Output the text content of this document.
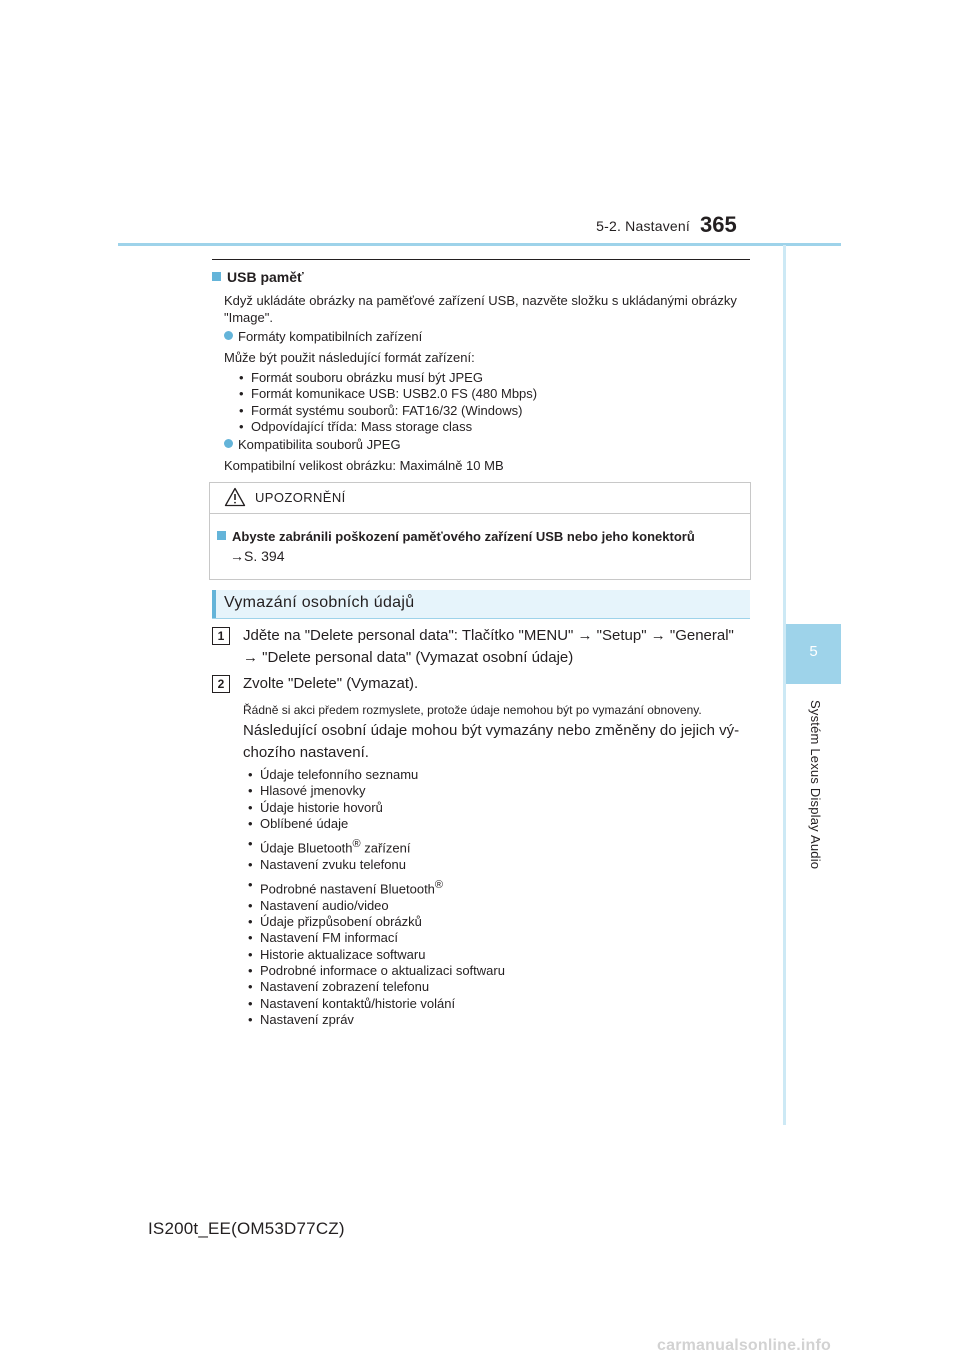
5-2. Nastavení 365
5
Systém Lexus Display Audio
USB paměť
Když ukládáte obrázky na paměťové zařízení USB, nazvěte složku s ukládanými obrázky "Image".
Formáty kompatibilních zařízení
Může být použit následující formát zařízení:
• Formát souboru obrázku musí být JPEG
• Formát komunikace USB: USB2.0 FS (480 Mbps)
• Formát systému souborů: FAT16/32 (Windows)
• Odpovídající třída: Mass storage class
Kompatibilita souborů JPEG
Kompatibilní velikost obrázku: Maximálně 10 MB
UPOZORNĚNÍ
Abyste zabránili poškození paměťového zařízení USB nebo jeho konektorů
→S. 394
Vymazání osobních údajů
1	Jděte na "Delete personal data": Tlačítko "MENU" → "Setup" → "General"
→ "Delete personal data" (Vymazat osobní údaje)
2	Zvolte "Delete" (Vymazat).
Řádně si akci předem rozmyslete, protože údaje nemohou být po vymazání obnoveny.
Následující osobní údaje mohou být vymazány nebo změněny do jejich vý-
chozího nastavení.
• Údaje telefonního seznamu
• Hlasové jmenovky
• Údaje historie hovorů
• Oblíbené údaje
• Údaje Bluetooth® zařízení
• Nastavení zvuku telefonu
• Podrobné nastavení Bluetooth®
• Nastavení audio/video
• Údaje přizpůsobení obrázků
• Nastavení FM informací
• Historie aktualizace softwaru
• Podrobné informace o aktualizaci softwaru
• Nastavení zobrazení telefonu
• Nastavení kontaktů/historie volání
• Nastavení zpráv
IS200t_EE(OM53D77CZ)
carmanualsonline.info
